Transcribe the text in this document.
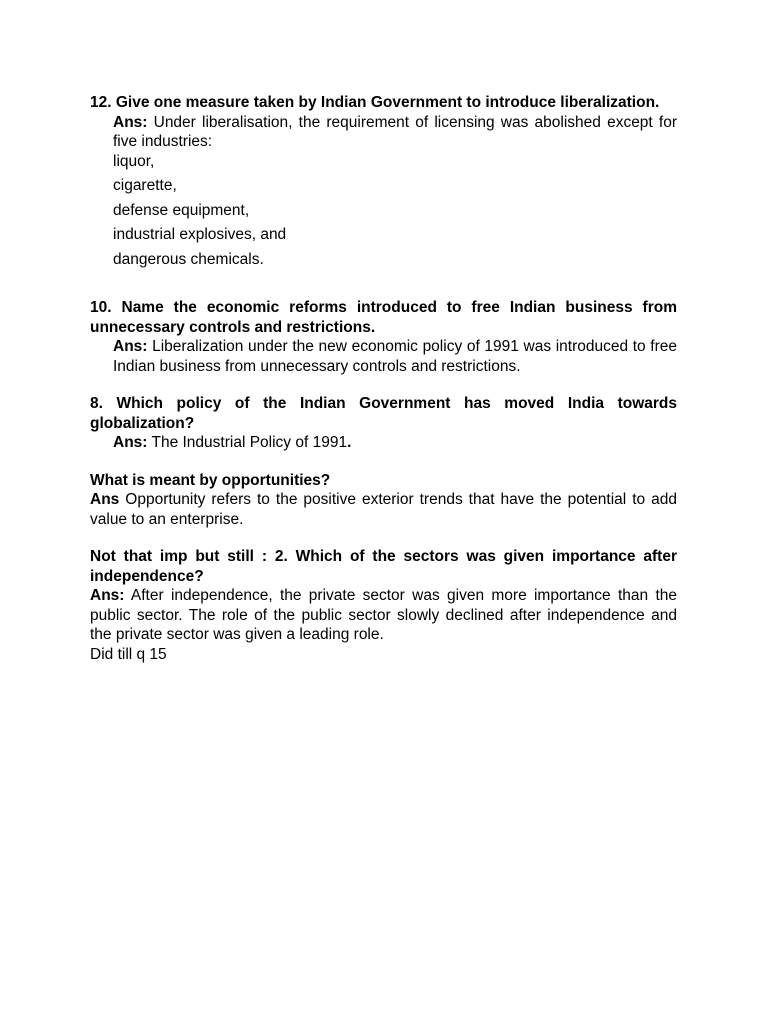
12. Give one measure taken by Indian Government to introduce liberalization.
Ans: Under liberalisation, the requirement of licensing was abolished except for five industries:
liquor,
cigarette,
defense equipment,
industrial explosives, and
dangerous chemicals.
10. Name the economic reforms introduced to free Indian business from unnecessary controls and restrictions.
Ans: Liberalization under the new economic policy of 1991 was introduced to free Indian business from unnecessary controls and restrictions.
8. Which policy of the Indian Government has moved India towards globalization?
Ans: The Industrial Policy of 1991.
What is meant by opportunities?
Ans Opportunity refers to the positive exterior trends that have the potential to add value to an enterprise.
Not that imp but still : 2. Which of the sectors was given importance after independence?
Ans: After independence, the private sector was given more importance than the public sector. The role of the public sector slowly declined after independence and the private sector was given a leading role.
Did till q 15
